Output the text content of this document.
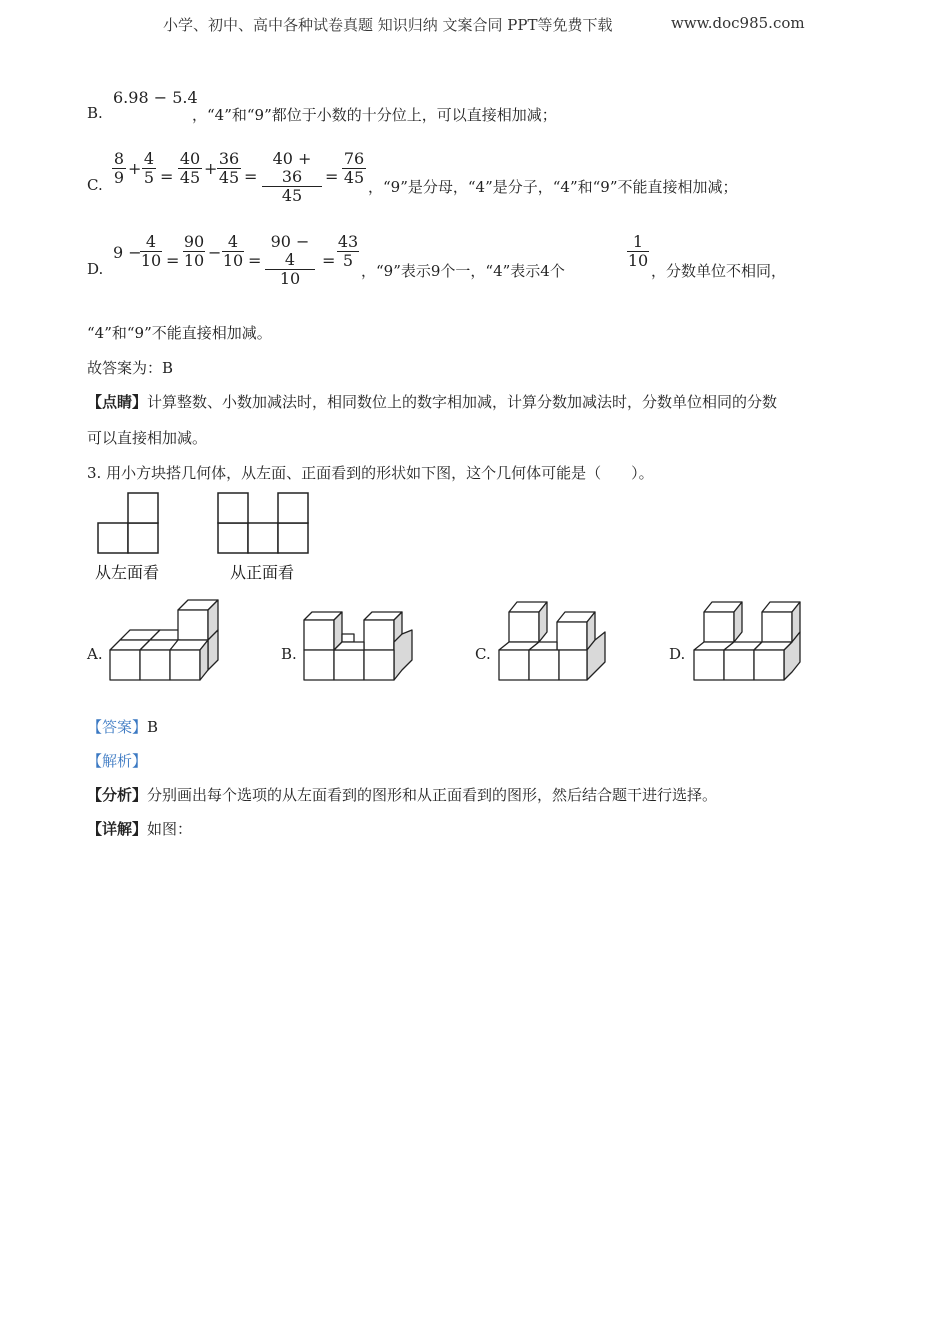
小学、初中、高中各种试卷真题 知识归纳 文案合同 PPT等免费下载	www.doc985.com
B.
6.98 − 5.4
，“4”和“9”都位于小数的十分位上，可以直接相加减；
C. $\frac{8}{9} + \frac{4}{5} = \frac{40}{45} + \frac{36}{45} = \frac{40 + 36}{45} = \frac{76}{45}$ ，“9”是分母，“4”是分子，“4”和“9”不能直接相加减；
D.
9 −
$\frac{4}{10} = \frac{90}{10} - \frac{4}{10} = \frac{90 - 4}{10} = \frac{43}{5}$
，“9”表示9个一，“4”表示4个
$\frac{1}{10}$
，分数单位不相同，
“4”和“9”不能直接相加减。
故答案为：B
【点睛】计算整数、小数加减法时，相同数位上的数字相加减，计算分数加减法时，分数单位相同的分数
可以直接相加减。
3. 用小方块搭几何体，从左面、正面看到的形状如下图，这个几何体可能是（　　）。
从左面看	从正面看
A.	B.	C.	D.
【答案】B
【解析】
【分析】分别画出每个选项的从左面看到的图形和从正面看到的图形，然后结合题干进行选择。
【详解】如图：
